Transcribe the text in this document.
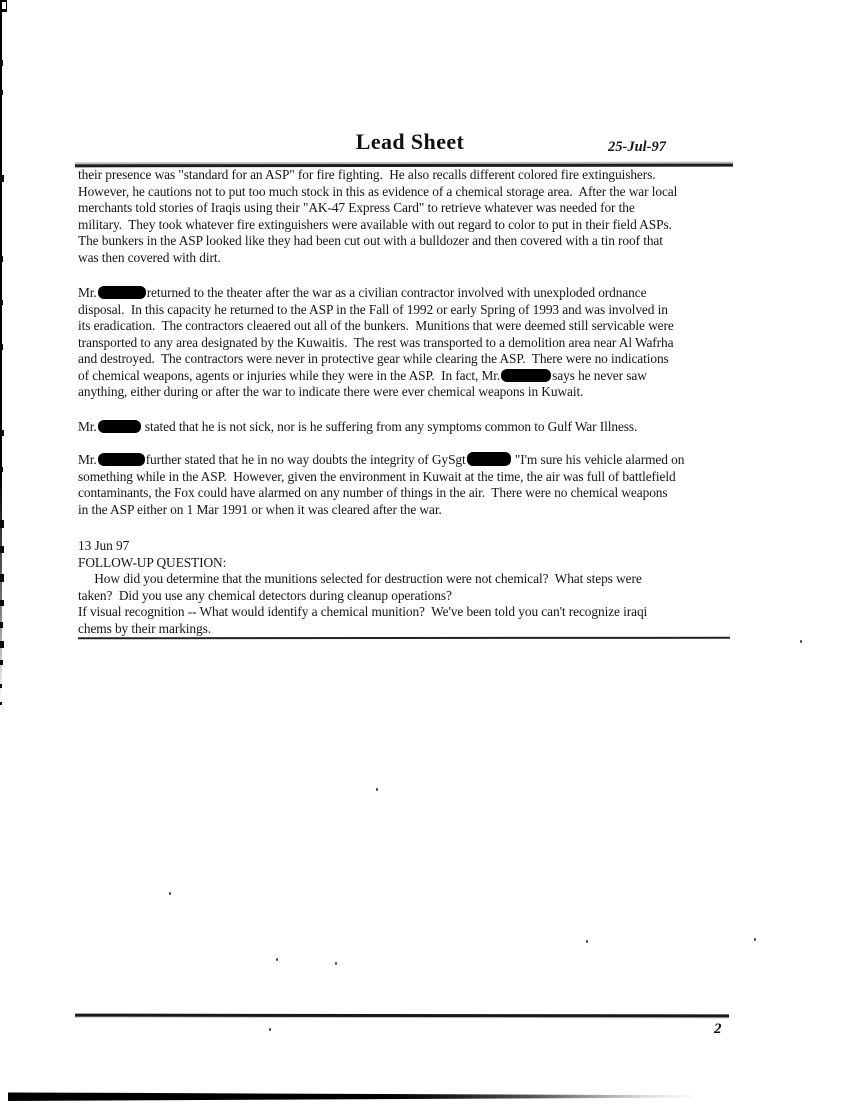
Lead Sheet	25-Jul-97
their presence was "standard for an ASP" for fire fighting.  He also recalls different colored fire extinguishers.
However, he cautions not to put too much stock in this as evidence of a chemical storage area.  After the war local
merchants told stories of Iraqis using their "AK-47 Express Card" to retrieve whatever was needed for the
military.  They took whatever fire extinguishers were available with out regard to color to put in their field ASPs.
The bunkers in the ASP looked like they had been cut out with a bulldozer and then covered with a tin roof that
was then covered with dirt.
Mr.	returned to the theater after the war as a civilian contractor involved with unexploded ordnance
disposal.  In this capacity he returned to the ASP in the Fall of 1992 or early Spring of 1993 and was involved in
its eradication.  The contractors cleaered out all of the bunkers.  Munitions that were deemed still servicable were
transported to any area designated by the Kuwaitis.  The rest was transported to a demolition area near Al Wafrha
and destroyed.  The contractors were never in protective gear while clearing the ASP.  There were no indications
of chemical weapons, agents or injuries while they were in the ASP.  In fact, Mr.	says he never saw
anything, either during or after the war to indicate there were ever chemical weapons in Kuwait.
Mr.	stated that he is not sick, nor is he suffering from any symptoms common to Gulf War Illness.
Mr.	further stated that he in no way doubts the integrity of GySgt	"I'm sure his vehicle alarmed on
something while in the ASP.  However, given the environment in Kuwait at the time, the air was full of battlefield
contaminants, the Fox could have alarmed on any number of things in the air.  There were no chemical weapons
in the ASP either on 1 Mar 1991 or when it was cleared after the war.
13 Jun 97
FOLLOW-UP QUESTION:
How did you determine that the munitions selected for destruction were not chemical?  What steps were
taken?  Did you use any chemical detectors during cleanup operations?
If visual recognition -- What would identify a chemical munition?  We've been told you can't recognize iraqi
chems by their markings.
2
